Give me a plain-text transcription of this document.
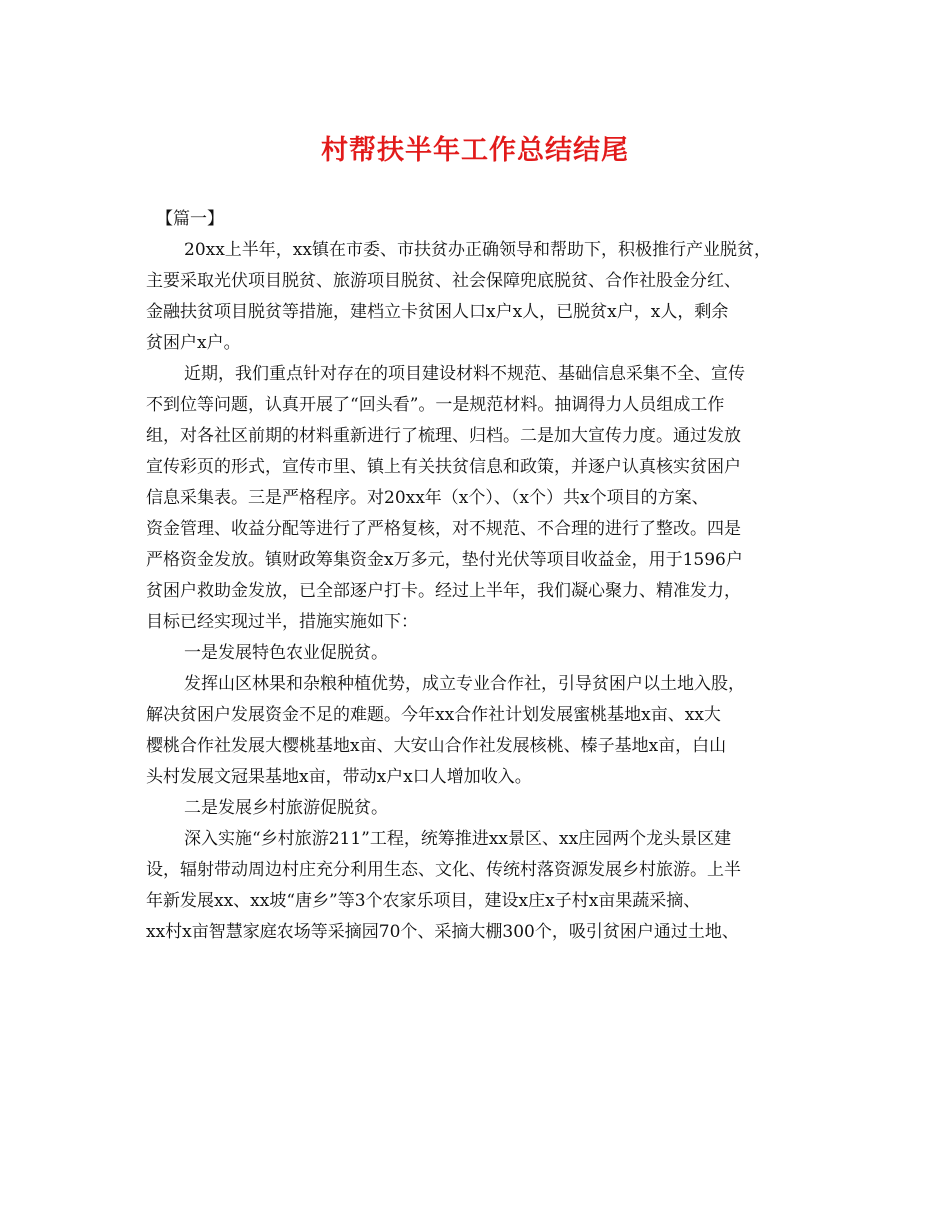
村帮扶半年工作总结结尾
【篇一】
20xx上半年，xx镇在市委、市扶贫办正确领导和帮助下，积极推行产业脱贫，
主要采取光伏项目脱贫、旅游项目脱贫、社会保障兜底脱贫、合作社股金分红、
金融扶贫项目脱贫等措施，建档立卡贫困人口x户x人，已脱贫x户，x人，剩余
贫困户x户。
近期，我们重点针对存在的项目建设材料不规范、基础信息采集不全、宣传
不到位等问题，认真开展了“回头看”。一是规范材料。抽调得力人员组成工作
组，对各社区前期的材料重新进行了梳理、归档。二是加大宣传力度。通过发放
宣传彩页的形式，宣传市里、镇上有关扶贫信息和政策，并逐户认真核实贫困户
信息采集表。三是严格程序。对20xx年（x个）、（x个）共x个项目的方案、
资金管理、收益分配等进行了严格复核，对不规范、不合理的进行了整改。四是
严格资金发放。镇财政筹集资金x万多元，垫付光伏等项目收益金，用于1596户
贫困户救助金发放，已全部逐户打卡。经过上半年，我们凝心聚力、精准发力，
目标已经实现过半，措施实施如下：
一是发展特色农业促脱贫。
发挥山区林果和杂粮种植优势，成立专业合作社，引导贫困户以土地入股，
解决贫困户发展资金不足的难题。今年xx合作社计划发展蜜桃基地x亩、xx大
樱桃合作社发展大樱桃基地x亩、大安山合作社发展核桃、榛子基地x亩，白山
头村发展文冠果基地x亩，带动x户x口人增加收入。
二是发展乡村旅游促脱贫。
深入实施“乡村旅游211”工程，统筹推进xx景区、xx庄园两个龙头景区建
设，辐射带动周边村庄充分利用生态、文化、传统村落资源发展乡村旅游。上半
年新发展xx、xx坡“唐乡”等3个农家乐项目，建设x庄x子村x亩果蔬采摘、
xx村x亩智慧家庭农场等采摘园70个、采摘大棚300个，吸引贫困户通过土地、
